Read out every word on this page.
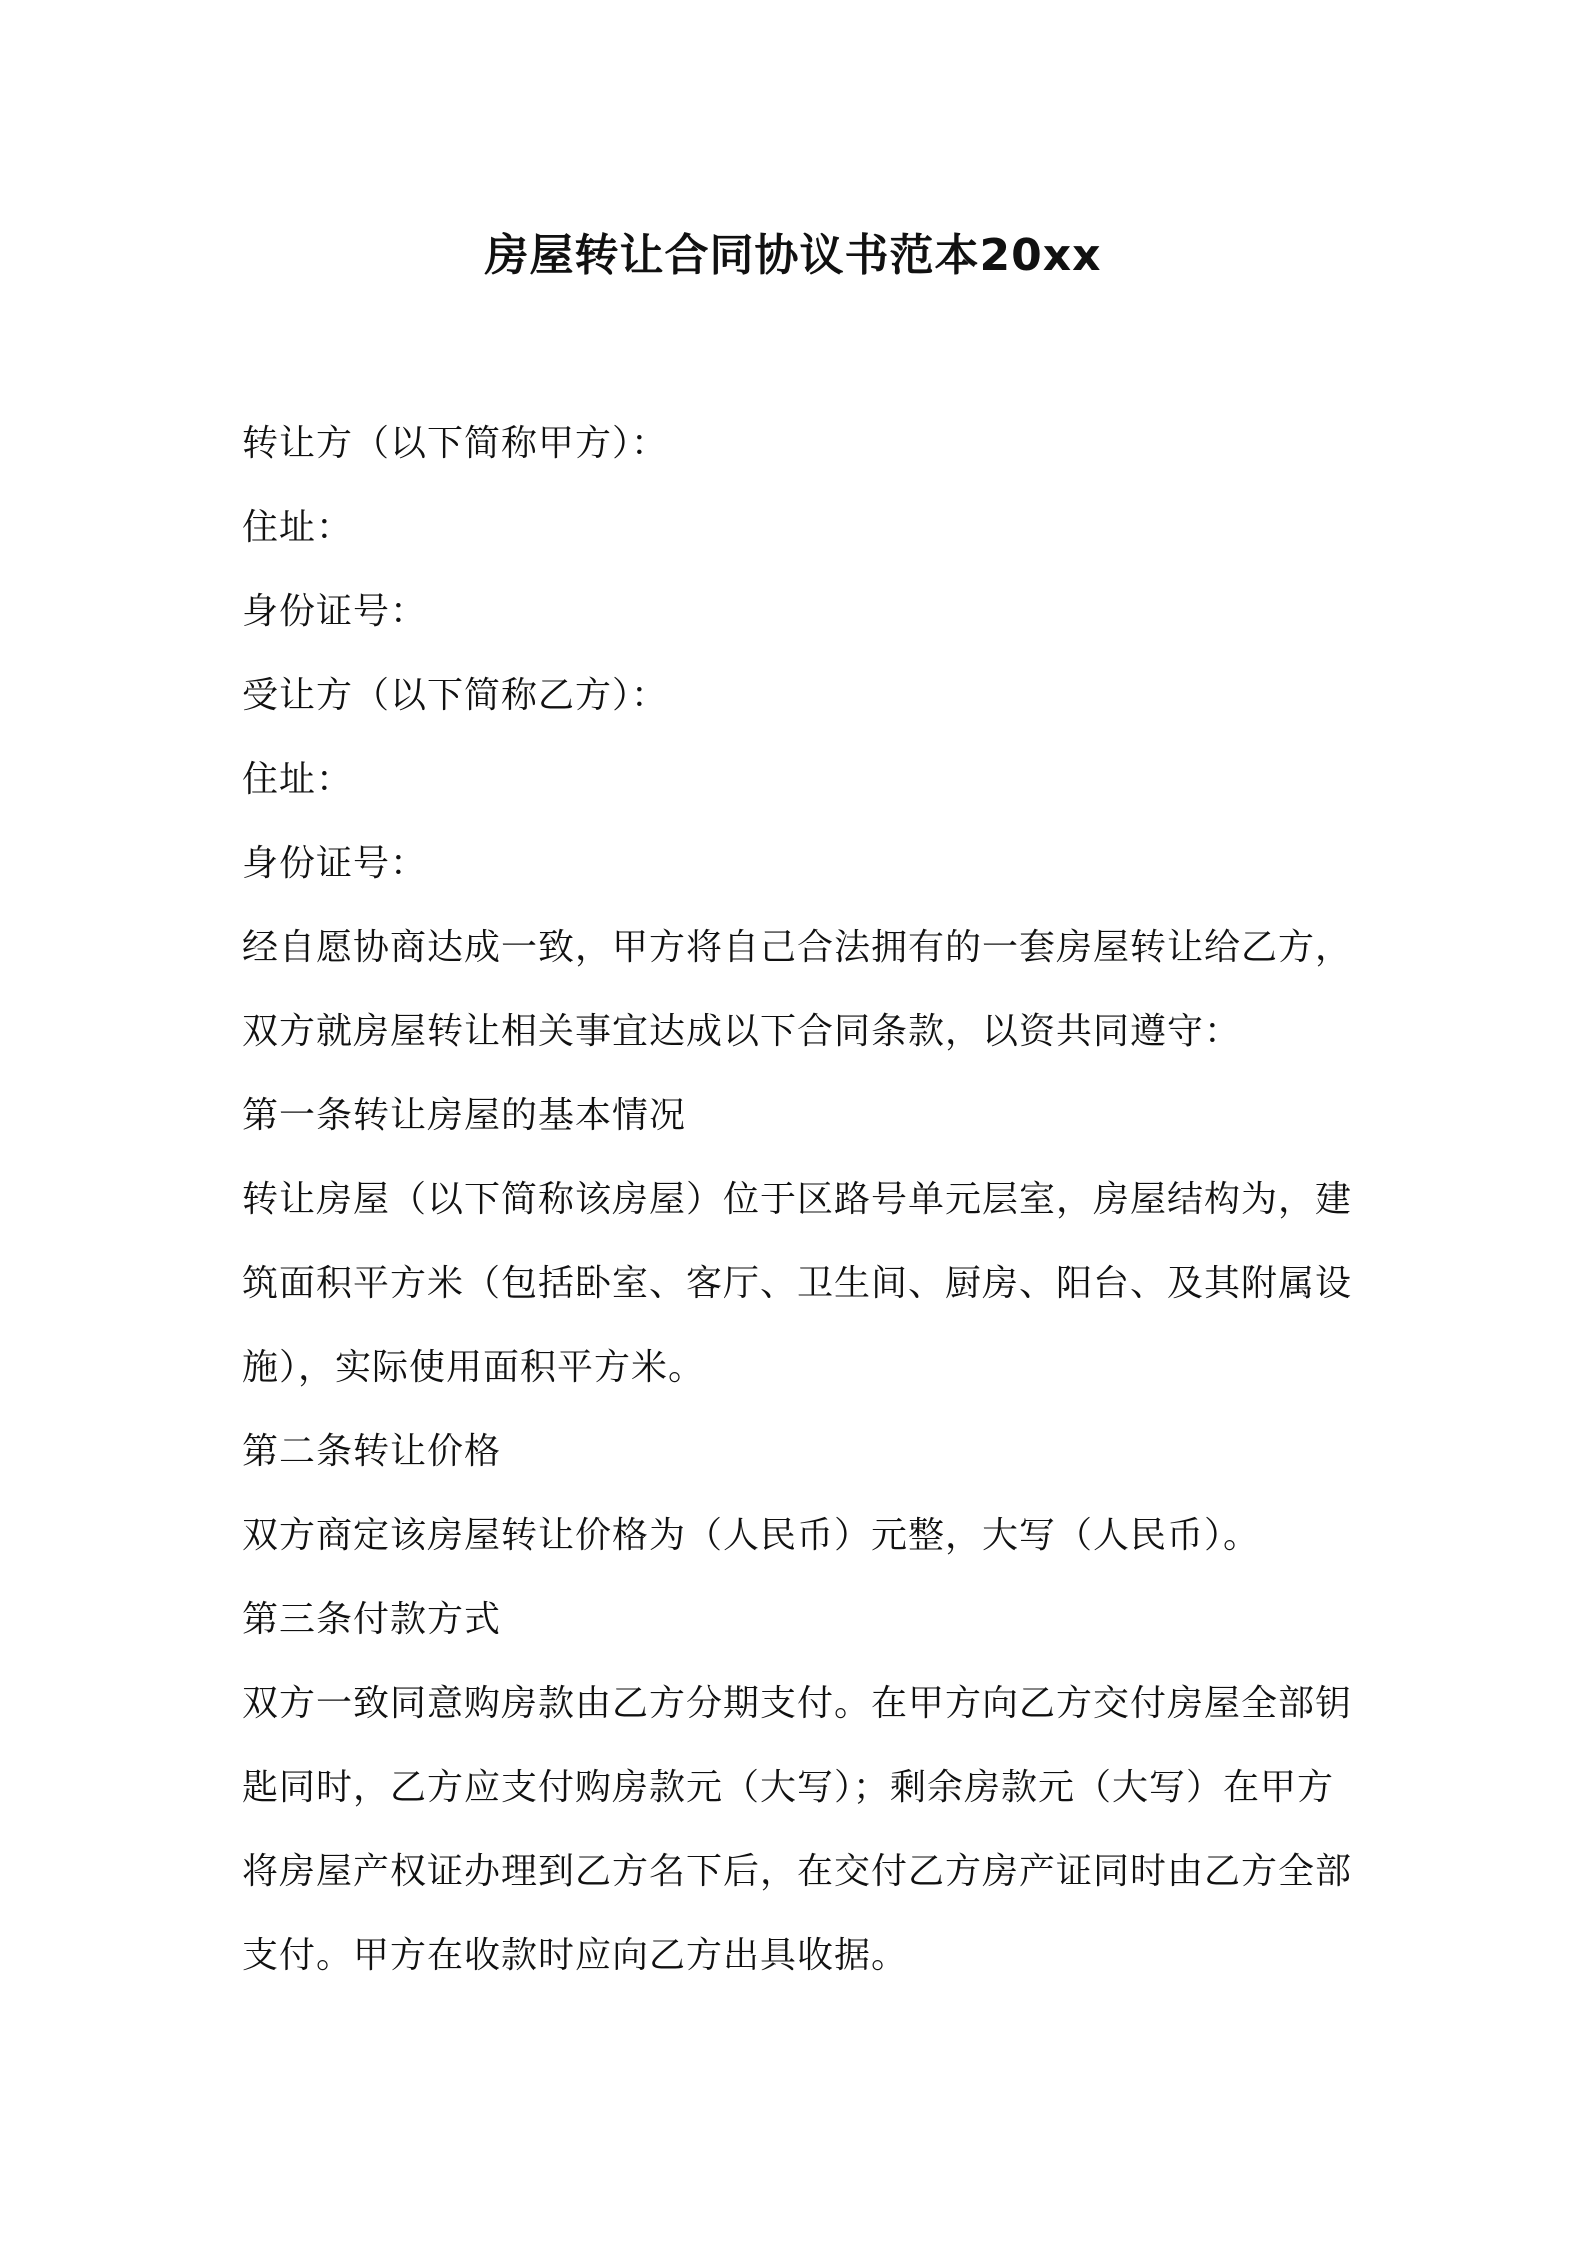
房屋转让合同协议书范本20xx
转让方（以下简称甲方）：
住址：
身份证号：
受让方（以下简称乙方）：
住址：
身份证号：
经自愿协商达成一致，甲方将自己合法拥有的一套房屋转让给乙方，
双方就房屋转让相关事宜达成以下合同条款，以资共同遵守：
第一条转让房屋的基本情况
转让房屋（以下简称该房屋）位于区路号单元层室，房屋结构为，建
筑面积平方米（包括卧室、客厅、卫生间、厨房、阳台、及其附属设
施），实际使用面积平方米。
第二条转让价格
双方商定该房屋转让价格为（人民币）元整，大写（人民币）。
第三条付款方式
双方一致同意购房款由乙方分期支付。在甲方向乙方交付房屋全部钥
匙同时，乙方应支付购房款元（大写）；剩余房款元（大写）在甲方
将房屋产权证办理到乙方名下后，在交付乙方房产证同时由乙方全部
支付。甲方在收款时应向乙方出具收据。
